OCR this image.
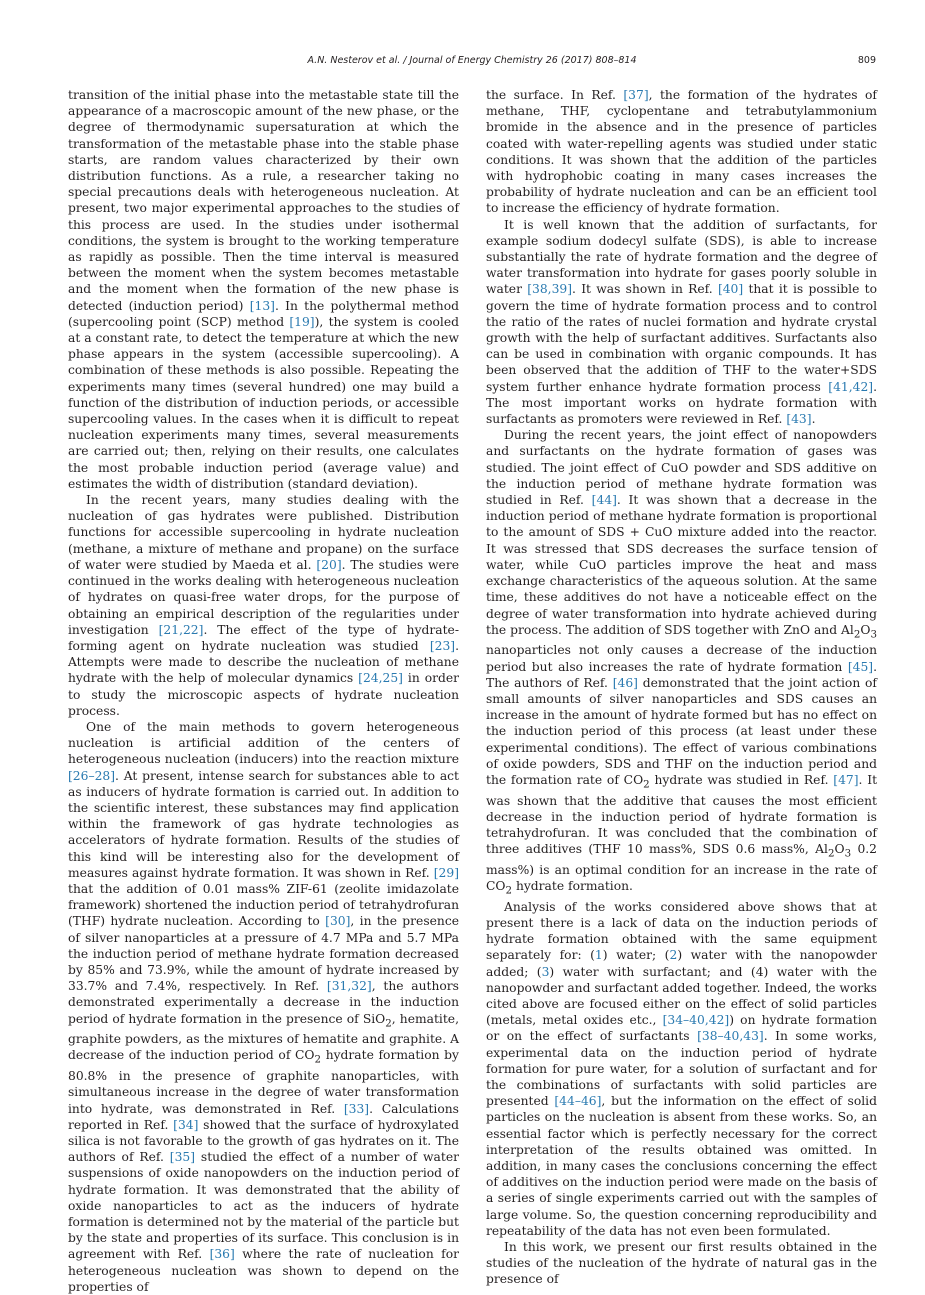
A.N. Nesterov et al. / Journal of Energy Chemistry 26 (2017) 808–814	809

transition of the initial phase into the metastable state till the appearance of a macroscopic amount of the new phase, or the degree of thermodynamic supersaturation at which the transformation of the metastable phase into the stable phase starts, are random values characterized by their own distribution functions. As a rule, a researcher taking no special precautions deals with heterogeneous nucleation. At present, two major experimental approaches to the studies of this process are used. In the studies under isothermal conditions, the system is brought to the working temperature as rapidly as possible. Then the time interval is measured between the moment when the system becomes metastable and the moment when the formation of the new phase is detected (induction period) [13]. In the polythermal method (supercooling point (SCP) method [19]), the system is cooled at a constant rate, to detect the temperature at which the new phase appears in the system (accessible supercooling). A combination of these methods is also possible. Repeating the experiments many times (several hundred) one may build a function of the distribution of induction periods, or accessible supercooling values. In the cases when it is difficult to repeat nucleation experiments many times, several measurements are carried out; then, relying on their results, one calculates the most probable induction period (average value) and estimates the width of distribution (standard deviation).

In the recent years, many studies dealing with the nucleation of gas hydrates were published. Distribution functions for accessible supercooling in hydrate nucleation (methane, a mixture of methane and propane) on the surface of water were studied by Maeda et al. [20]. The studies were continued in the works dealing with heterogeneous nucleation of hydrates on quasi-free water drops, for the purpose of obtaining an empirical description of the regularities under investigation [21,22]. The effect of the type of hydrate-forming agent on hydrate nucleation was studied [23]. Attempts were made to describe the nucleation of methane hydrate with the help of molecular dynamics [24,25] in order to study the microscopic aspects of hydrate nucleation process.

One of the main methods to govern heterogeneous nucleation is artificial addition of the centers of heterogeneous nucleation (inducers) into the reaction mixture [26–28]. At present, intense search for substances able to act as inducers of hydrate formation is carried out. In addition to the scientific interest, these substances may find application within the framework of gas hydrate technologies as accelerators of hydrate formation. Results of the studies of this kind will be interesting also for the development of measures against hydrate formation. It was shown in Ref. [29] that the addition of 0.01 mass% ZIF-61 (zeolite imidazolate framework) shortened the induction period of tetrahydrofuran (THF) hydrate nucleation. According to [30], in the presence of silver nanoparticles at a pressure of 4.7 MPa and 5.7 MPa the induction period of methane hydrate formation decreased by 85% and 73.9%, while the amount of hydrate increased by 33.7% and 7.4%, respectively. In Ref. [31,32], the authors demonstrated experimentally a decrease in the induction period of hydrate formation in the presence of SiO$_2$, hematite, graphite powders, as the mixtures of hematite and graphite. A decrease of the induction period of $CO_2$ hydrate formation by 80.8% in the presence of graphite nanoparticles, with simultaneous increase in the degree of water transformation into hydrate, was demonstrated in Ref. [33]. Calculations reported in Ref. [34] showed that the surface of hydroxylated silica is not favorable to the growth of gas hydrates on it. The authors of Ref. [35] studied the effect of a number of water suspensions of oxide nanopowders on the induction period of hydrate formation. It was demonstrated that the ability of oxide nanoparticles to act as the inducers of hydrate formation is determined not by the material of the particle but by the state and properties of its surface. This conclusion is in agreement with Ref. [36] where the rate of nucleation for heterogeneous nucleation was shown to depend on the properties of

the surface. In Ref. [37], the formation of the hydrates of methane, THF, cyclopentane and tetrabutylammonium bromide in the absence and in the presence of particles coated with water-repelling agents was studied under static conditions. It was shown that the addition of the particles with hydrophobic coating in many cases increases the probability of hydrate nucleation and can be an efficient tool to increase the efficiency of hydrate formation.

It is well known that the addition of surfactants, for example sodium dodecyl sulfate (SDS), is able to increase substantially the rate of hydrate formation and the degree of water transformation into hydrate for gases poorly soluble in water [38,39]. It was shown in Ref. [40] that it is possible to govern the time of hydrate formation process and to control the ratio of the rates of nuclei formation and hydrate crystal growth with the help of surfactant additives. Surfactants also can be used in combination with organic compounds. It has been observed that the addition of THF to the water+SDS system further enhance hydrate formation process [41,42]. The most important works on hydrate formation with surfactants as promoters were reviewed in Ref. [43].

During the recent years, the joint effect of nanopowders and surfactants on the hydrate formation of gases was studied. The joint effect of CuO powder and SDS additive on the induction period of methane hydrate formation was studied in Ref. [44]. It was shown that a decrease in the induction period of methane hydrate formation is proportional to the amount of SDS + CuO mixture added into the reactor. It was stressed that SDS decreases the surface tension of water, while CuO particles improve the heat and mass exchange characteristics of the aqueous solution. At the same time, these additives do not have a noticeable effect on the degree of water transformation into hydrate achieved during the process. The addition of SDS together with ZnO and $Al_2O_3$ nanoparticles not only causes a decrease of the induction period but also increases the rate of hydrate formation [45]. The authors of Ref. [46] demonstrated that the joint action of small amounts of silver nanoparticles and SDS causes an increase in the amount of hydrate formed but has no effect on the induction period of this process (at least under these experimental conditions). The effect of various combinations of oxide powders, SDS and THF on the induction period and the formation rate of $CO_2$ hydrate was studied in Ref. [47]. It was shown that the additive that causes the most efficient decrease in the induction period of hydrate formation is tetrahydrofuran. It was concluded that the combination of three additives (THF 10 mass%, SDS 0.6 mass%, $Al_2O_3$ 0.2 mass%) is an optimal condition for an increase in the rate of $CO_2$ hydrate formation.

Analysis of the works considered above shows that at present there is a lack of data on the induction periods of hydrate formation obtained with the same equipment separately for: (1) water; (2) water with the nanopowder added; (3) water with surfactant; and (4) water with the nanopowder and surfactant added together. Indeed, the works cited above are focused either on the effect of solid particles (metals, metal oxides etc., [34–40,42]) on hydrate formation or on the effect of surfactants [38–40,43]. In some works, experimental data on the induction period of hydrate formation for pure water, for a solution of surfactant and for the combinations of surfactants with solid particles are presented [44–46], but the information on the effect of solid particles on the nucleation is absent from these works. So, an essential factor which is perfectly necessary for the correct interpretation of the results obtained was omitted. In addition, in many cases the conclusions concerning the effect of additives on the induction period were made on the basis of a series of single experiments carried out with the samples of large volume. So, the question concerning reproducibility and repeatability of the data has not even been formulated.

In this work, we present our first results obtained in the studies of the nucleation of the hydrate of natural gas in the presence of
